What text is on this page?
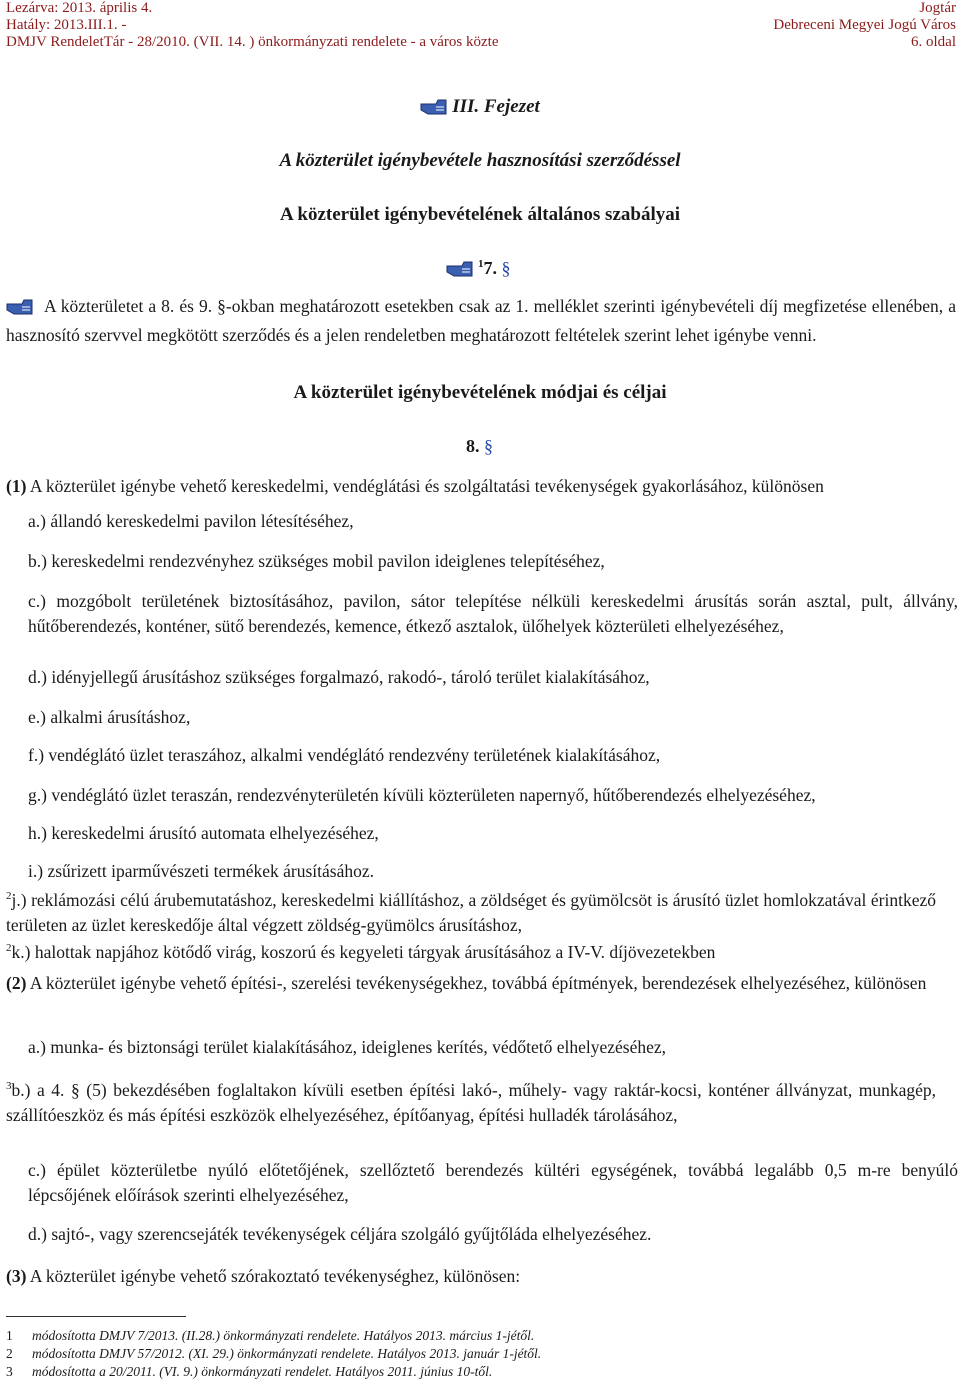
Lezárva: 2013. április 4.
Hatály: 2013.III.1. -
DMJV RendeletTár - 28/2010. (VII. 14. ) önkormányzati rendelete - a város közte
Jogtár
Debreceni Megyei Jogú Város
6. oldal
III. Fejezet
A közterület igénybevétele hasznosítási szerződéssel
A közterület igénybevételének általános szabályai
$^1$7. §
A közterületet a 8. és 9. §-okban meghatározott esetekben csak az 1. melléklet szerinti igénybevételi díj megfizetése ellenében, a hasznosító szervvel megkötött szerződés és a jelen rendeletben meghatározott feltételek szerint lehet igénybe venni.
A közterület igénybevételének módjai és céljai
8. §
(1) A közterület igénybe vehető kereskedelmi, vendéglátási és szolgáltatási tevékenységek gyakorlásához, különösen
a.) állandó kereskedelmi pavilon létesítéséhez,
b.) kereskedelmi rendezvényhez szükséges mobil pavilon ideiglenes telepítéséhez,
c.) mozgóbolt területének biztosításához, pavilon, sátor telepítése nélküli kereskedelmi árusítás során asztal, pult, állvány, hűtőberendezés, konténer, sütő berendezés, kemence, étkező asztalok, ülőhelyek közterületi elhelyezéséhez,
d.) idényjellegű árusításhoz szükséges forgalmazó, rakodó-, tároló terület kialakításához,
e.) alkalmi árusításhoz,
f.) vendéglátó üzlet teraszához, alkalmi vendéglátó rendezvény területének kialakításához,
g.) vendéglátó üzlet teraszán, rendezvényterületén kívüli közterületen napernyő, hűtőberendezés elhelyezéséhez,
h.) kereskedelmi árusító automata elhelyezéséhez,
i.) zsűrizett iparművészeti termékek árusításához.
$^2$j.) reklámozási célú árubemutatáshoz, kereskedelmi kiállításhoz, a zöldséget és gyümölcsöt is árusító üzlet homlokzatával érintkező területen az üzlet kereskedője által végzett zöldség-gyümölcs árusításhoz,
$^2$k.) halottak napjához kötődő virág, koszorú és kegyeleti tárgyak árusításához a IV-V. díjövezetekben
(2) A közterület igénybe vehető építési-, szerelési tevékenységekhez, továbbá építmények, berendezések elhelyezéséhez, különösen
a.) munka- és biztonsági terület kialakításához, ideiglenes kerítés, védőtető elhelyezéséhez,
$^3$b.) a 4. § (5) bekezdésében foglaltakon kívüli esetben építési lakó-, műhely- vagy raktár-kocsi, konténer állványzat, munkagép, szállítóeszköz és más építési eszközök elhelyezéséhez, építőanyag, építési hulladék tárolásához,
c.) épület közterületbe nyúló előtetőjének, szellőztető berendezés kültéri egységének, továbbá legalább 0,5 m-re benyúló lépcsőjének előírások szerinti elhelyezéséhez,
d.) sajtó-, vagy szerencsejáték tevékenységek céljára szolgáló gyűjtőláda elhelyezéséhez.
(3) A közterület igénybe vehető szórakoztató tevékenységhez, különösen:
1 módosította DMJV 7/2013. (II.28.) önkormányzati rendelete. Hatályos 2013. március 1-jétől.
2 módosította DMJV 57/2012. (XI. 29.) önkormányzati rendelete. Hatályos 2013. január 1-jétől.
3 módosította a 20/2011. (VI. 9.) önkormányzati rendelet. Hatályos 2011. június 10-től.
